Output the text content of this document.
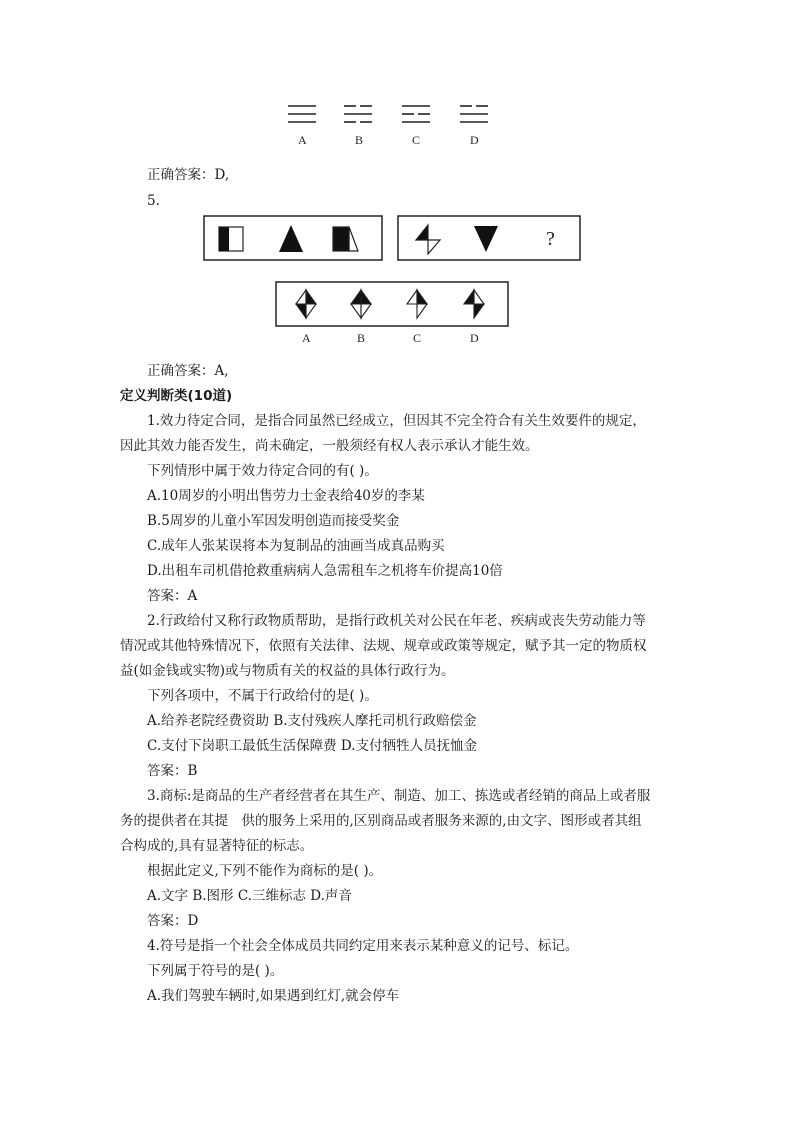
A	B	C	D
正确答案：D,
5.
?
A	B	C	D
正确答案：A,
定义判断类(10道)
1.效力待定合同，是指合同虽然已经成立，但因其不完全符合有关生效要件的规定，
因此其效力能否发生，尚未确定，一般须经有权人表示承认才能生效。
下列情形中属于效力待定合同的有( )。
A.10周岁的小明出售劳力士金表给40岁的李某
B.5周岁的儿童小军因发明创造而接受奖金
C.成年人张某误将本为复制品的油画当成真品购买
D.出租车司机借抢救重病病人急需租车之机将车价提高10倍
答案：A
2.行政给付又称行政物质帮助，是指行政机关对公民在年老、疾病或丧失劳动能力等
情况或其他特殊情况下，依照有关法律、法规、规章或政策等规定，赋予其一定的物质权
益(如金钱或实物)或与物质有关的权益的具体行政行为。
下列各项中，不属于行政给付的是( )。
A.给养老院经费资助 B.支付残疾人摩托司机行政赔偿金
C.支付下岗职工最低生活保障费 D.支付牺牲人员抚恤金
答案：B
3.商标:是商品的生产者经营者在其生产、制造、加工、拣选或者经销的商品上或者服
务的提供者在其提　供的服务上采用的,区别商品或者服务来源的,由文字、图形或者其组
合构成的,具有显著特征的标志。
根据此定义,下列不能作为商标的是( )。
A.文字 B.图形 C.三维标志 D.声音
答案：D
4.符号是指一个社会全体成员共同约定用来表示某种意义的记号、标记。
下列属于符号的是( )。
A.我们驾驶车辆时,如果遇到红灯,就会停车
